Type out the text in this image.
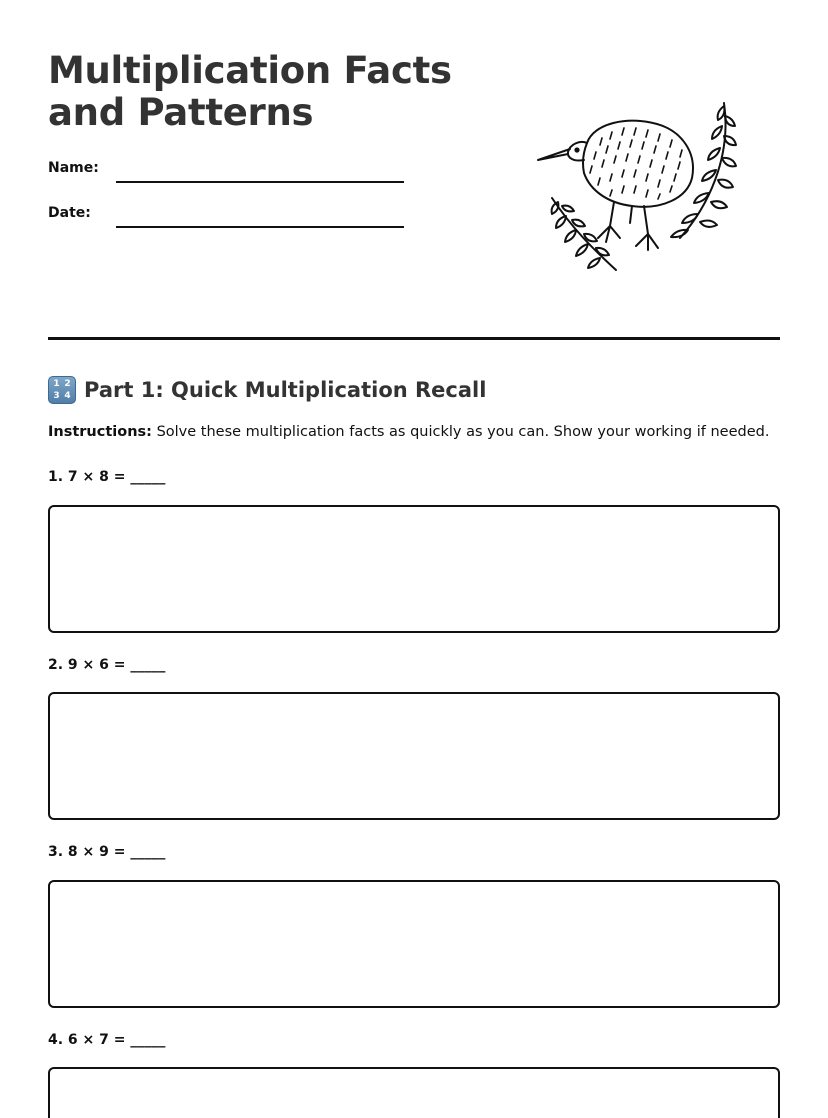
Multiplication Facts and Patterns
Name:
Date:
1 2
3 4 Part 1: Quick Multiplication Recall

Instructions: Solve these multiplication facts as quickly as you can. Show your working if needed.

1. 7 × 8 = _____
2. 9 × 6 = _____
3. 8 × 9 = _____
4. 6 × 7 = _____
